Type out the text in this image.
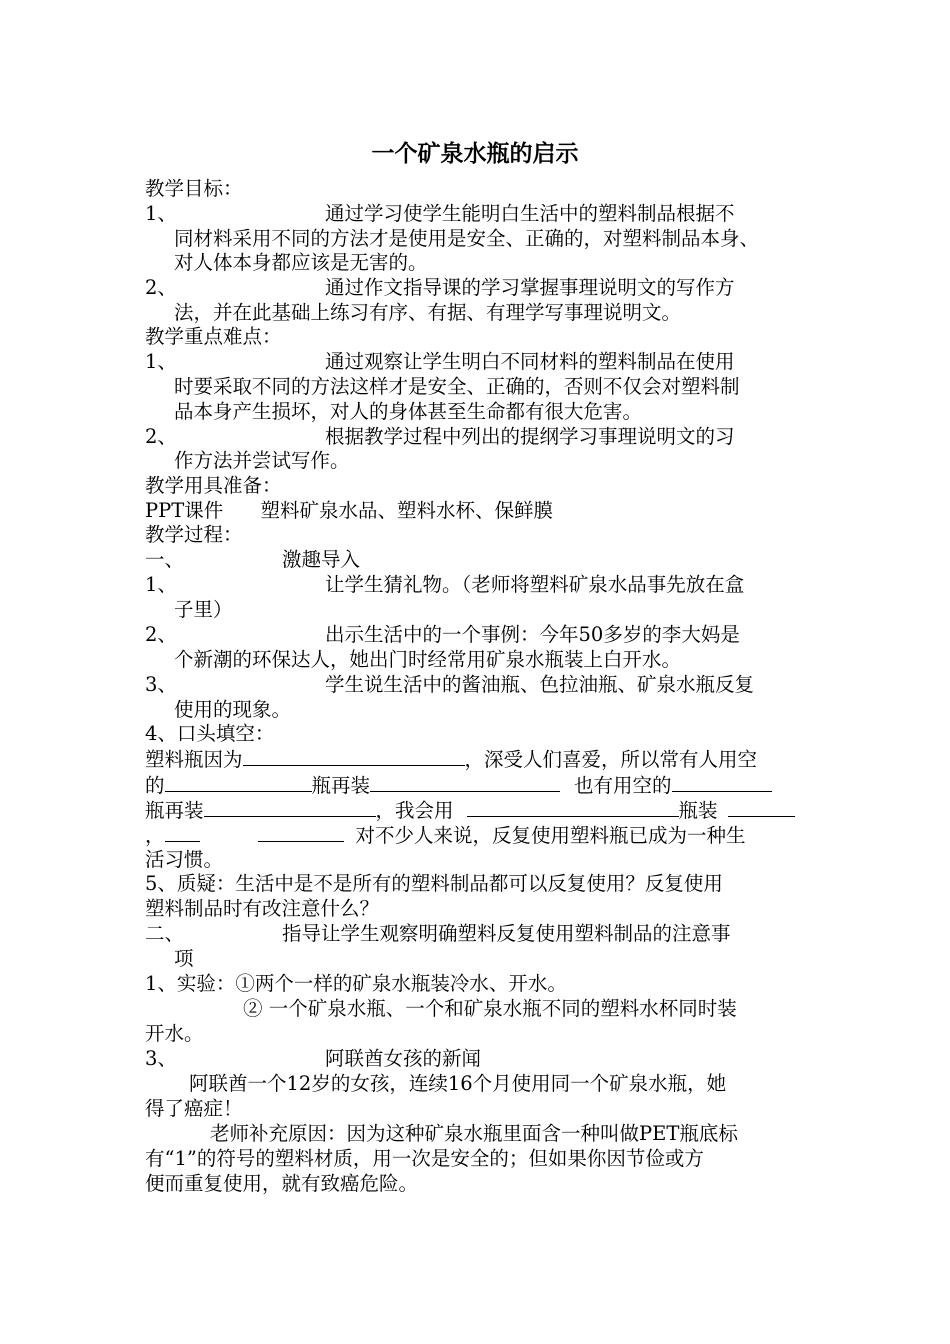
一个矿泉水瓶的启示
教学目标：
1、	通过学习使学生能明白生活中的塑料制品根据不
同材料采用不同的方法才是使用是安全、正确的，对塑料制品本身、
对人体本身都应该是无害的。
2、	通过作文指导课的学习掌握事理说明文的写作方
法，并在此基础上练习有序、有据、有理学写事理说明文。
教学重点难点：
1、	通过观察让学生明白不同材料的塑料制品在使用
时要采取不同的方法这样才是安全、正确的，否则不仅会对塑料制
品本身产生损坏，对人的身体甚至生命都有很大危害。
2、	根据教学过程中列出的提纲学习事理说明文的习
作方法并尝试写作。
教学用具准备：
PPT课件      塑料矿泉水品、塑料水杯、保鲜膜
教学过程：
一、	激趣导入
1、	让学生猜礼物。（老师将塑料矿泉水品事先放在盒
子里）
2、	出示生活中的一个事例：今年50多岁的李大妈是
个新潮的环保达人，她出门时经常用矿泉水瓶装上白开水。
3、	学生说生活中的酱油瓶、色拉油瓶、矿泉水瓶反复
使用的现象。
4、口头填空：
塑料瓶因为	，深受人们喜爱，所以常有人用空
的	瓶再装	也有用空的
瓶再装	，我会用	瓶装
，	对不少人来说，反复使用塑料瓶已成为一种生
活习惯。
5、质疑：生活中是不是所有的塑料制品都可以反复使用？反复使用
塑料制品时有改注意什么？
二、	指导让学生观察明确塑料反复使用塑料制品的注意事
项
1、实验：①两个一样的矿泉水瓶装冷水、开水。
② 一个矿泉水瓶、一个和矿泉水瓶不同的塑料水杯同时装
开水。
3、	阿联酋女孩的新闻
阿联酋一个12岁的女孩，连续16个月使用同一个矿泉水瓶，她
得了癌症！
老师补充原因：因为这种矿泉水瓶里面含一种叫做PET瓶底标
有“1”的符号的塑料材质，用一次是安全的；但如果你因节俭或方
便而重复使用，就有致癌危险。
